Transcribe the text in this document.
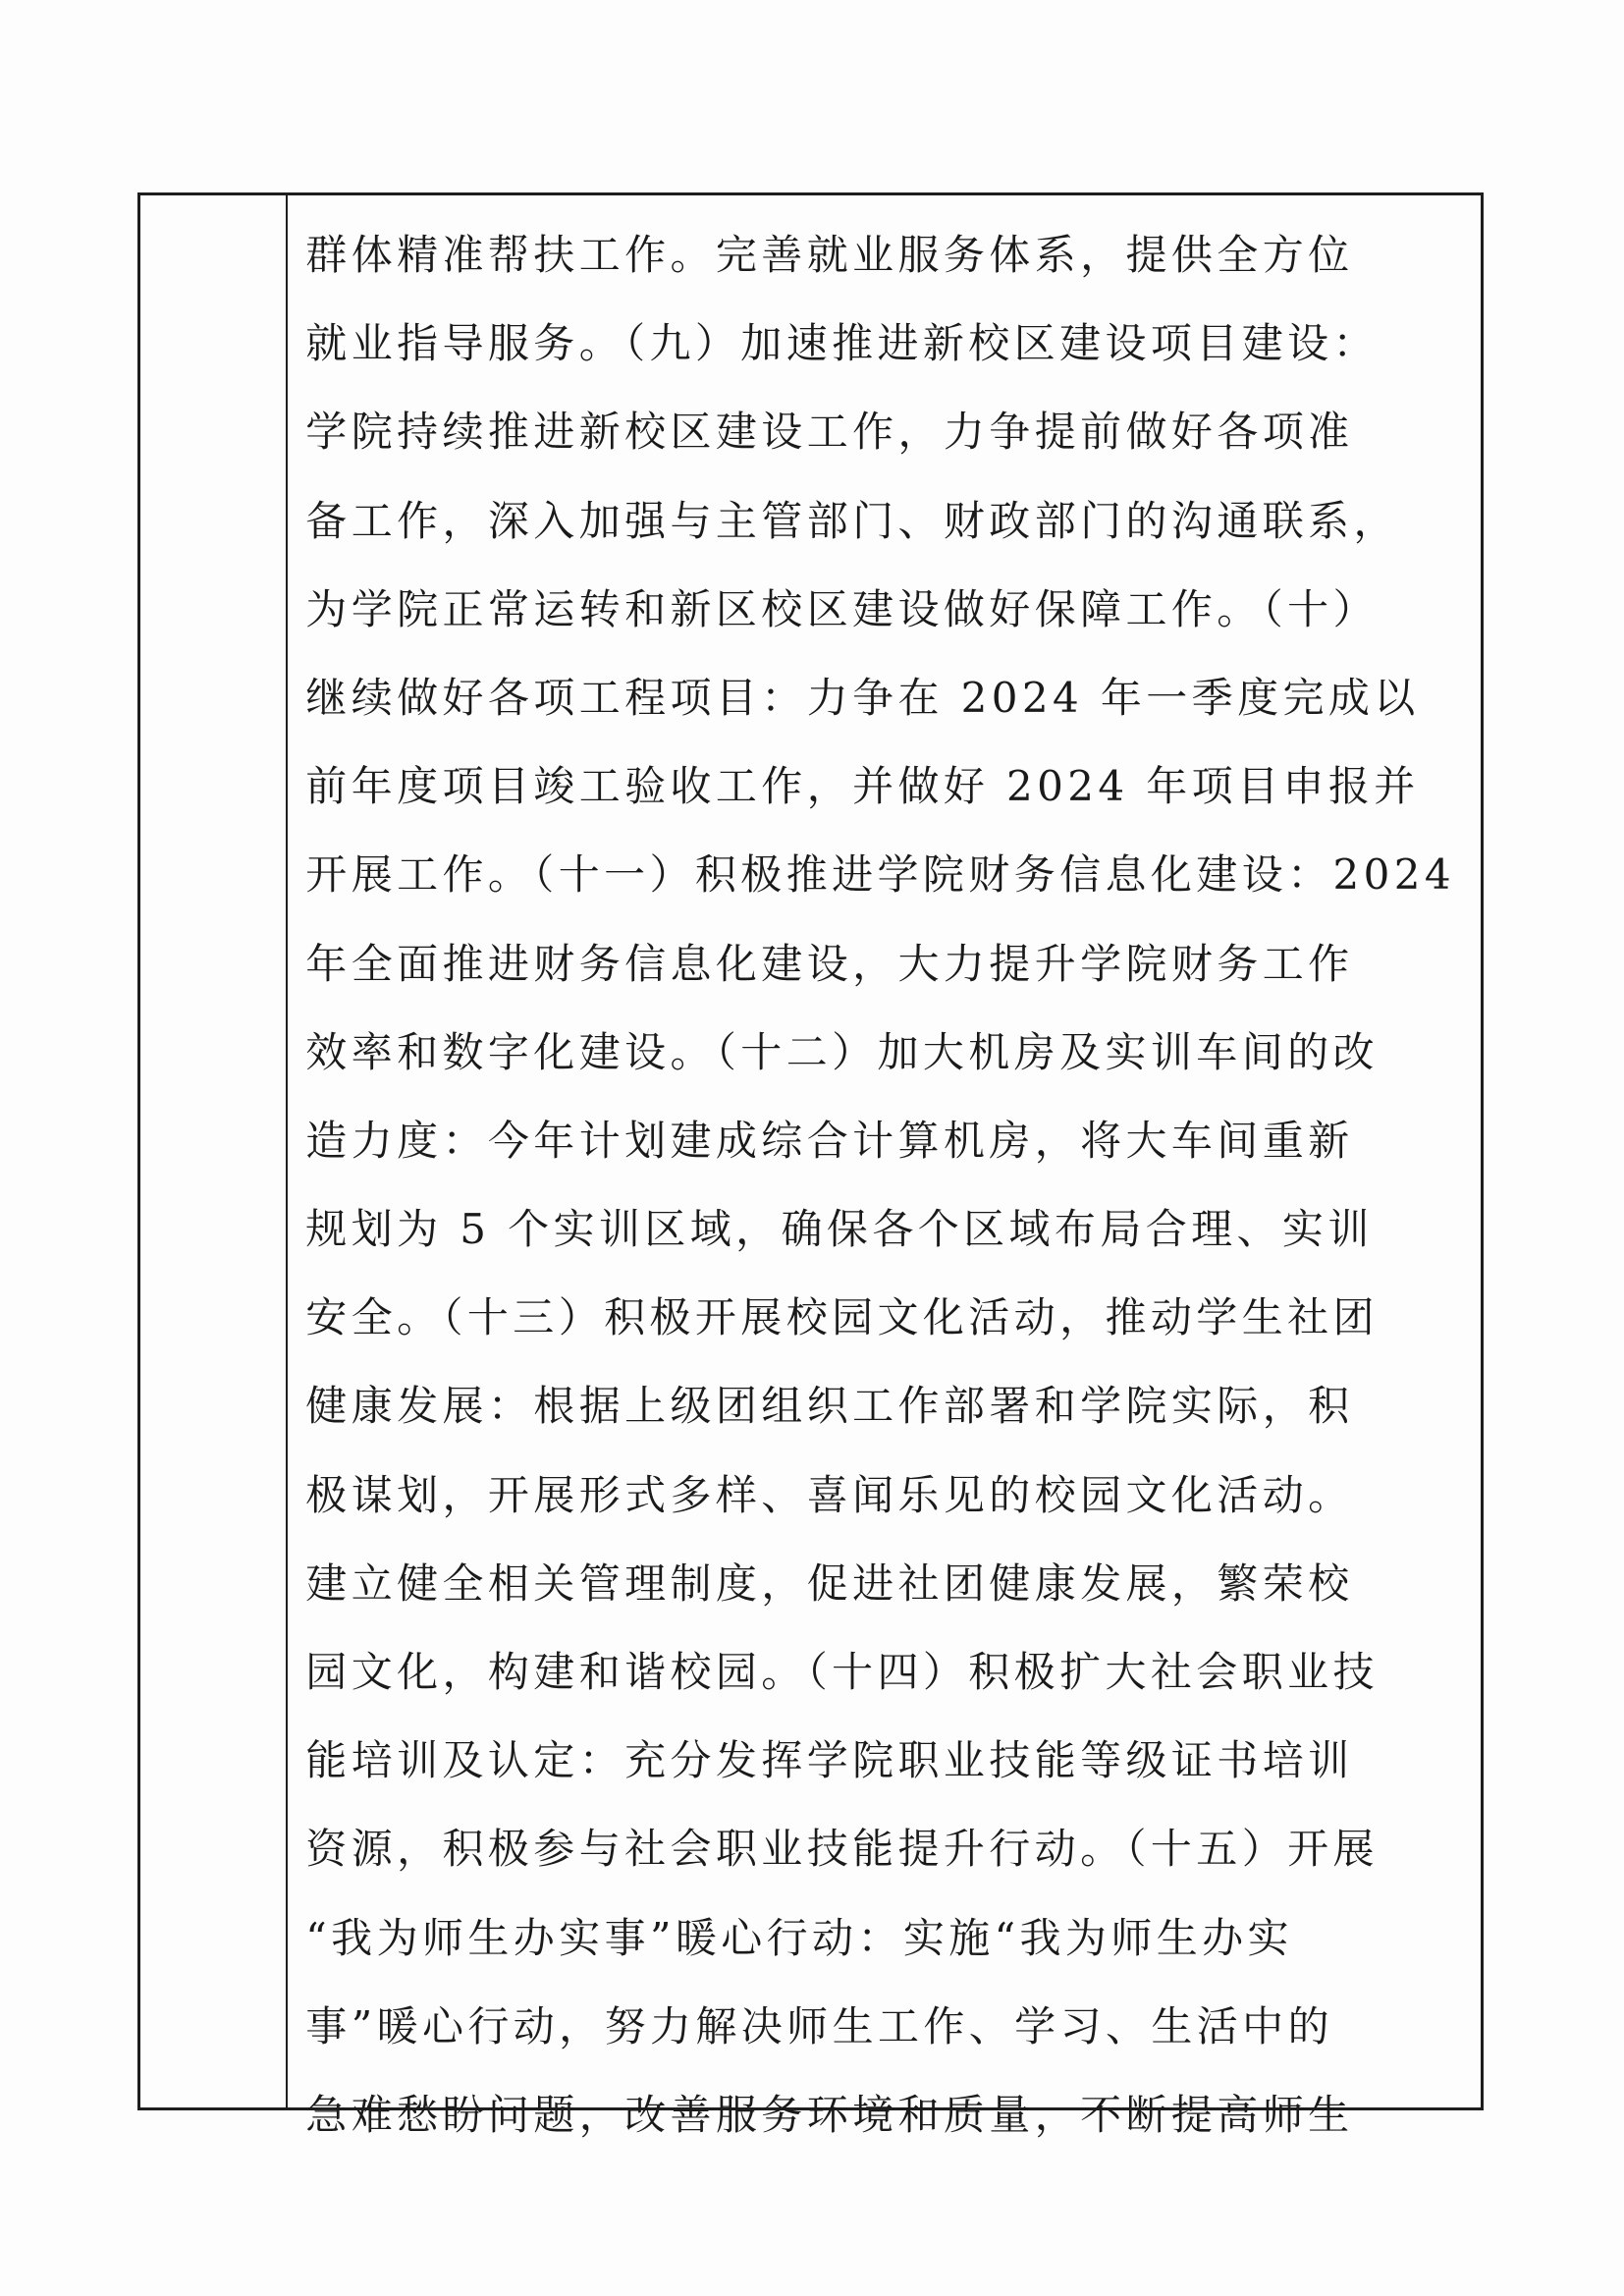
群体精准帮扶工作。完善就业服务体系，提供全方位
就业指导服务。（九）加速推进新校区建设项目建设：
学院持续推进新校区建设工作，力争提前做好各项准
备工作，深入加强与主管部门、财政部门的沟通联系，
为学院正常运转和新区校区建设做好保障工作。（十）
继续做好各项工程项目：力争在 2024 年一季度完成以
前年度项目竣工验收工作，并做好 2024 年项目申报并
开展工作。（十一）积极推进学院财务信息化建设：2024
年全面推进财务信息化建设，大力提升学院财务工作
效率和数字化建设。（十二）加大机房及实训车间的改
造力度：今年计划建成综合计算机房，将大车间重新
规划为 5 个实训区域，确保各个区域布局合理、实训
安全。（十三）积极开展校园文化活动，推动学生社团
健康发展：根据上级团组织工作部署和学院实际，积
极谋划，开展形式多样、喜闻乐见的校园文化活动。
建立健全相关管理制度，促进社团健康发展，繁荣校
园文化，构建和谐校园。（十四）积极扩大社会职业技
能培训及认定：充分发挥学院职业技能等级证书培训
资源，积极参与社会职业技能提升行动。（十五）开展
“我为师生办实事”暖心行动：实施“我为师生办实
事”暖心行动，努力解决师生工作、学习、生活中的
急难愁盼问题，改善服务环境和质量，不断提高师生
